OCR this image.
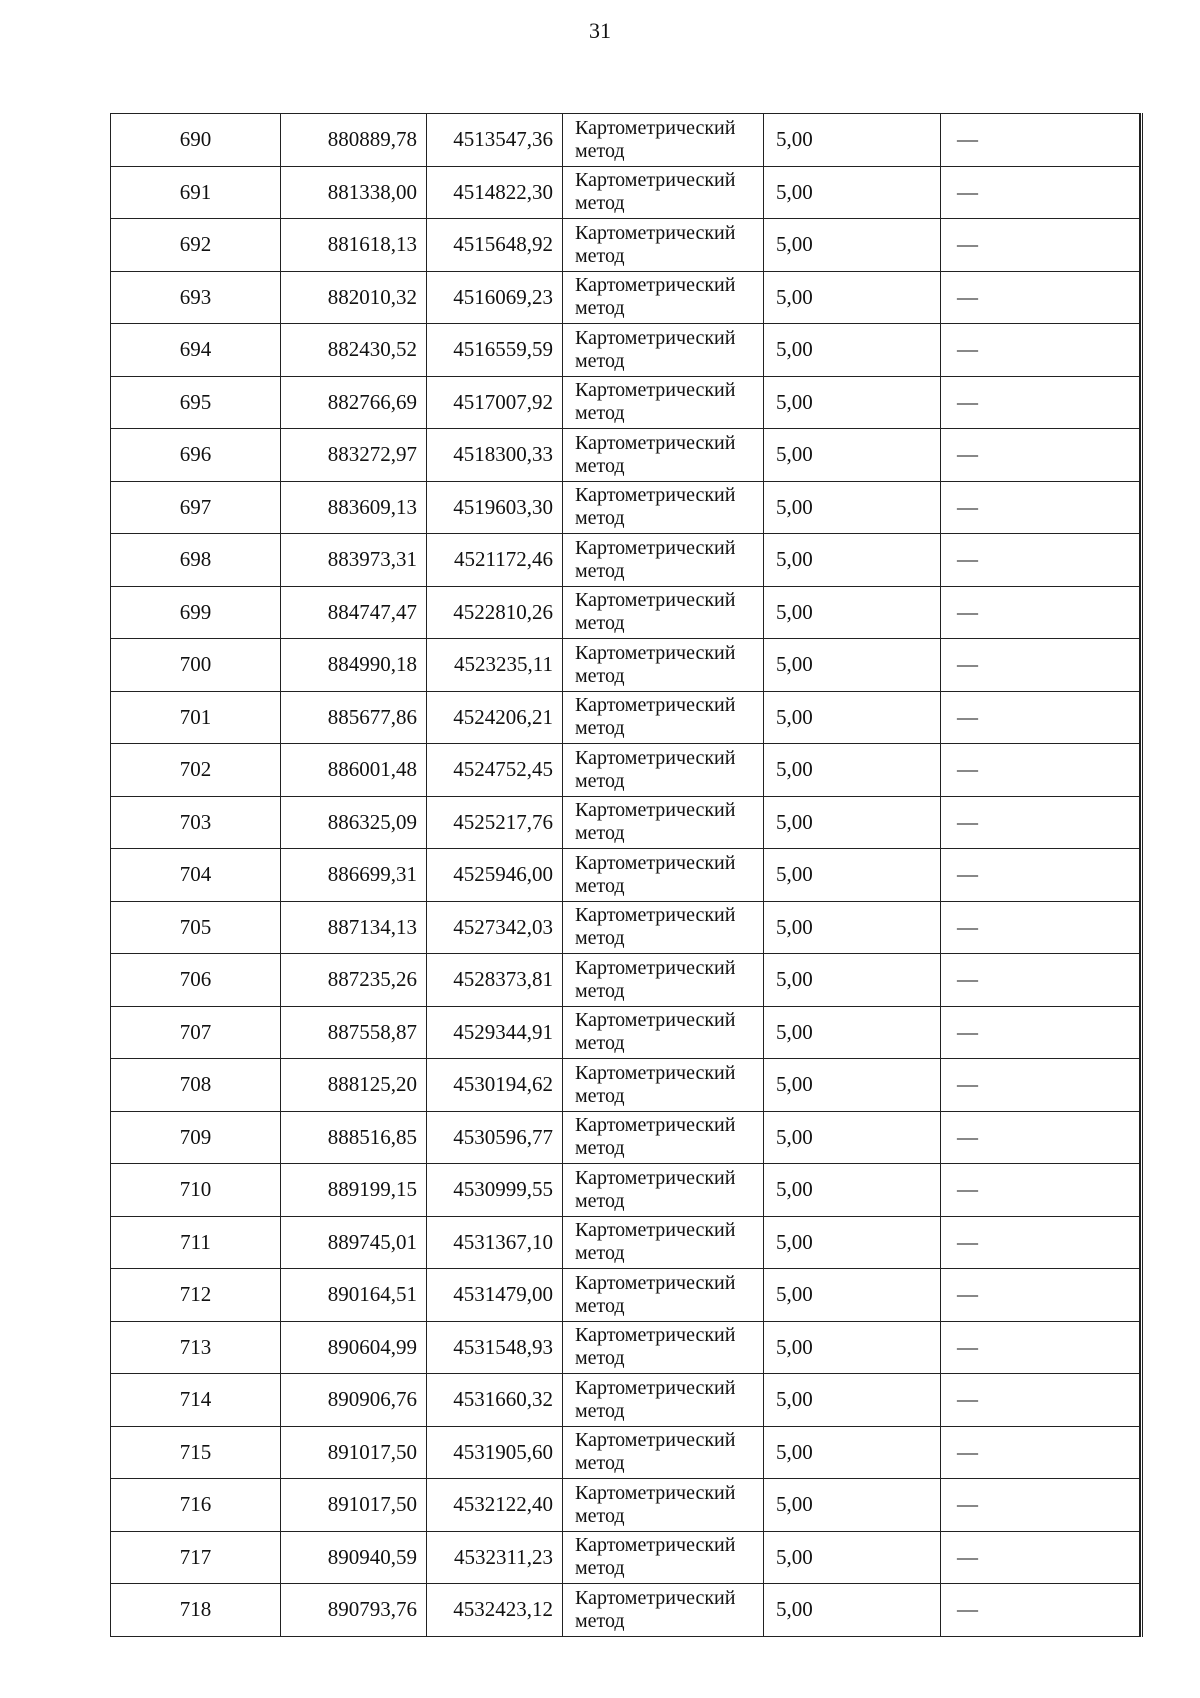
31
690	880889,78	4513547,36	Картометрический метод	5,00	—
691	881338,00	4514822,30	Картометрический метод	5,00	—
692	881618,13	4515648,92	Картометрический метод	5,00	—
693	882010,32	4516069,23	Картометрический метод	5,00	—
694	882430,52	4516559,59	Картометрический метод	5,00	—
695	882766,69	4517007,92	Картометрический метод	5,00	—
696	883272,97	4518300,33	Картометрический метод	5,00	—
697	883609,13	4519603,30	Картометрический метод	5,00	—
698	883973,31	4521172,46	Картометрический метод	5,00	—
699	884747,47	4522810,26	Картометрический метод	5,00	—
700	884990,18	4523235,11	Картометрический метод	5,00	—
701	885677,86	4524206,21	Картометрический метод	5,00	—
702	886001,48	4524752,45	Картометрический метод	5,00	—
703	886325,09	4525217,76	Картометрический метод	5,00	—
704	886699,31	4525946,00	Картометрический метод	5,00	—
705	887134,13	4527342,03	Картометрический метод	5,00	—
706	887235,26	4528373,81	Картометрический метод	5,00	—
707	887558,87	4529344,91	Картометрический метод	5,00	—
708	888125,20	4530194,62	Картометрический метод	5,00	—
709	888516,85	4530596,77	Картометрический метод	5,00	—
710	889199,15	4530999,55	Картометрический метод	5,00	—
711	889745,01	4531367,10	Картометрический метод	5,00	—
712	890164,51	4531479,00	Картометрический метод	5,00	—
713	890604,99	4531548,93	Картометрический метод	5,00	—
714	890906,76	4531660,32	Картометрический метод	5,00	—
715	891017,50	4531905,60	Картометрический метод	5,00	—
716	891017,50	4532122,40	Картометрический метод	5,00	—
717	890940,59	4532311,23	Картометрический метод	5,00	—
718	890793,76	4532423,12	Картометрический метод	5,00	—
